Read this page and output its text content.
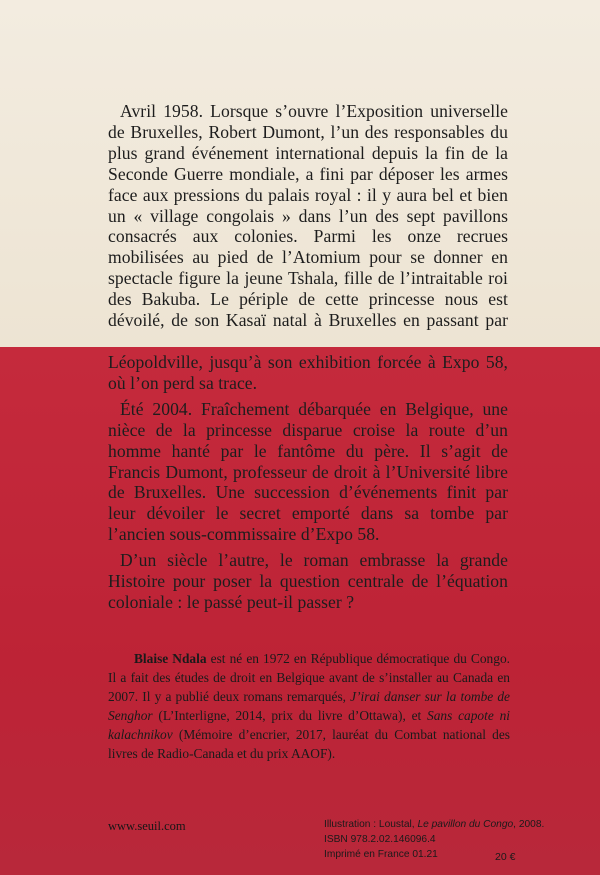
Avril 1958. Lorsque s’ouvre l’Exposition universelle de Bruxelles, Robert Dumont, l’un des responsables du plus grand événement international depuis la fin de la Seconde Guerre mondiale, a fini par déposer les armes face aux pressions du palais royal : il y aura bel et bien un « village congolais » dans l’un des sept pavillons consacrés aux colonies. Parmi les onze recrues mobilisées au pied de l’Atomium pour se donner en spectacle figure la jeune Tshala, fille de l’intraitable roi des Bakuba. Le périple de cette princesse nous est dévoilé, de son Kasaï natal à Bruxelles en passant par

Léopoldville, jusqu’à son exhibition forcée à Expo 58, où l’on perd sa trace.

Été 2004. Fraîchement débarquée en Belgique, une nièce de la princesse disparue croise la route d’un homme hanté par le fantôme du père. Il s’agit de Francis Dumont, professeur de droit à l’Université libre de Bruxelles. Une succession d’événements finit par leur dévoiler le secret emporté dans sa tombe par l’ancien sous-commissaire d’Expo 58.

D’un siècle l’autre, le roman embrasse la grande Histoire pour poser la question centrale de l’équation coloniale : le passé peut-il passer ?

Blaise Ndala est né en 1972 en République démocratique du Congo. Il a fait des études de droit en Belgique avant de s’installer au Canada en 2007. Il y a publié deux romans remarqués, J’irai danser sur la tombe de Senghor (L’Interligne, 2014, prix du livre d’Ottawa), et Sans capote ni kalachnikov (Mémoire d’encrier, 2017, lauréat du Combat national des livres de Radio-Canada et du prix AAOF).

www.seuil.com	Illustration : Loustal, Le pavillon du Congo, 2008.
ISBN 978.2.02.146096.4
Imprimé en France 01.21	20 €
